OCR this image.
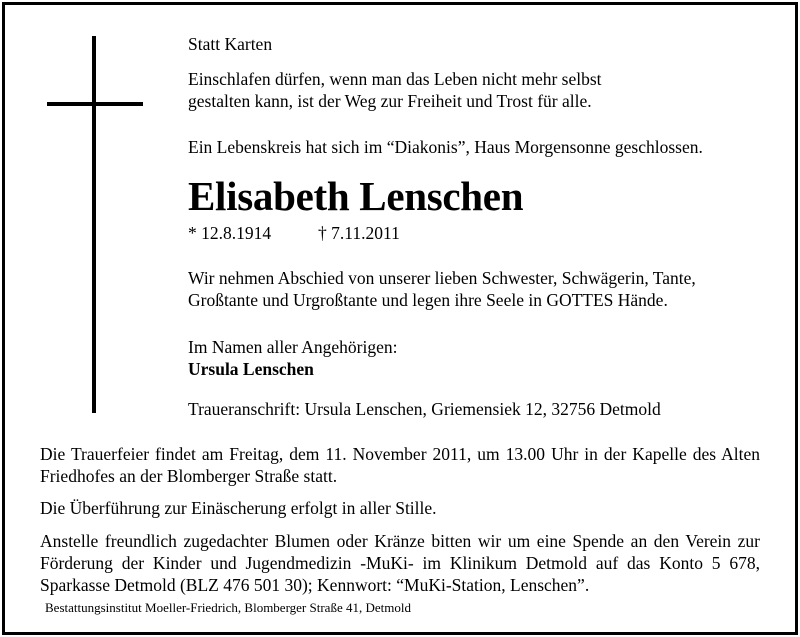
Statt Karten
Einschlafen dürfen, wenn man das Leben nicht mehr selbst
gestalten kann, ist der Weg zur Freiheit und Trost für alle.
Ein Lebenskreis hat sich im “Diakonis”, Haus Morgensonne geschlossen.
Elisabeth Lenschen
* 12.8.1914	† 7.11.2011
Wir nehmen Abschied von unserer lieben Schwester, Schwägerin, Tante,
Großtante und Urgroßtante und legen ihre Seele in GOTTES Hände.
Im Namen aller Angehörigen:
Ursula Lenschen
Traueranschrift: Ursula Lenschen, Griemensiek 12, 32756 Detmold
Die Trauerfeier findet am Freitag, dem 11. November 2011, um 13.00 Uhr in der Kapelle des Alten Friedhofes an der Blomberger Straße statt.
Die Überführung zur Einäscherung erfolgt in aller Stille.
Anstelle freundlich zugedachter Blumen oder Kränze bitten wir um eine Spende an den Verein zur Förderung der Kinder und Jugendmedizin -MuKi- im Klinikum Detmold auf das Konto 5 678, Sparkasse Detmold (BLZ 476 501 30); Kennwort: “MuKi-Station, Lenschen”.
Bestattungsinstitut Moeller-Friedrich, Blomberger Straße 41, Detmold
